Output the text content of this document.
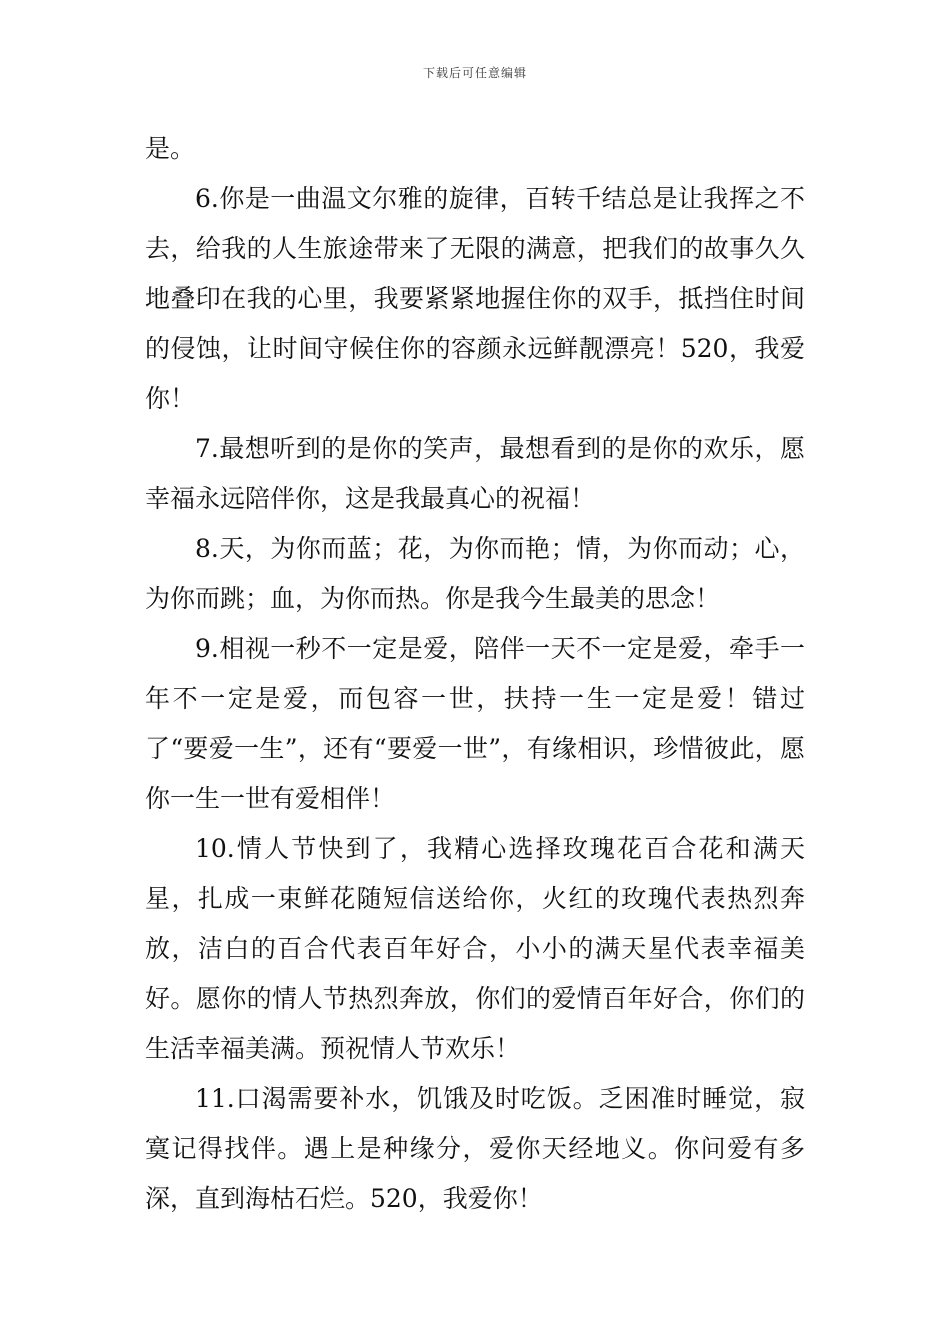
下载后可任意编辑

是。

6.你是一曲温文尔雅的旋律，百转千结总是让我挥之不去，给我的人生旅途带来了无限的满意，把我们的故事久久地叠印在我的心里，我要紧紧地握住你的双手，抵挡住时间的侵蚀，让时间守候住你的容颜永远鲜靓漂亮！520，我爱你！

7.最想听到的是你的笑声，最想看到的是你的欢乐，愿幸福永远陪伴你，这是我最真心的祝福！

8.天，为你而蓝；花，为你而艳；情，为你而动；心，为你而跳；血，为你而热。你是我今生最美的思念！

9.相视一秒不一定是爱，陪伴一天不一定是爱，牵手一年不一定是爱，而包容一世，扶持一生一定是爱！错过了“要爱一生”，还有“要爱一世”，有缘相识，珍惜彼此，愿你一生一世有爱相伴！

10.情人节快到了，我精心选择玫瑰花百合花和满天星，扎成一束鲜花随短信送给你，火红的玫瑰代表热烈奔放，洁白的百合代表百年好合，小小的满天星代表幸福美好。愿你的情人节热烈奔放，你们的爱情百年好合，你们的生活幸福美满。预祝情人节欢乐！

11.口渴需要补水，饥饿及时吃饭。乏困准时睡觉，寂寞记得找伴。遇上是种缘分，爱你天经地义。你问爱有多深，直到海枯石烂。520，我爱你！
